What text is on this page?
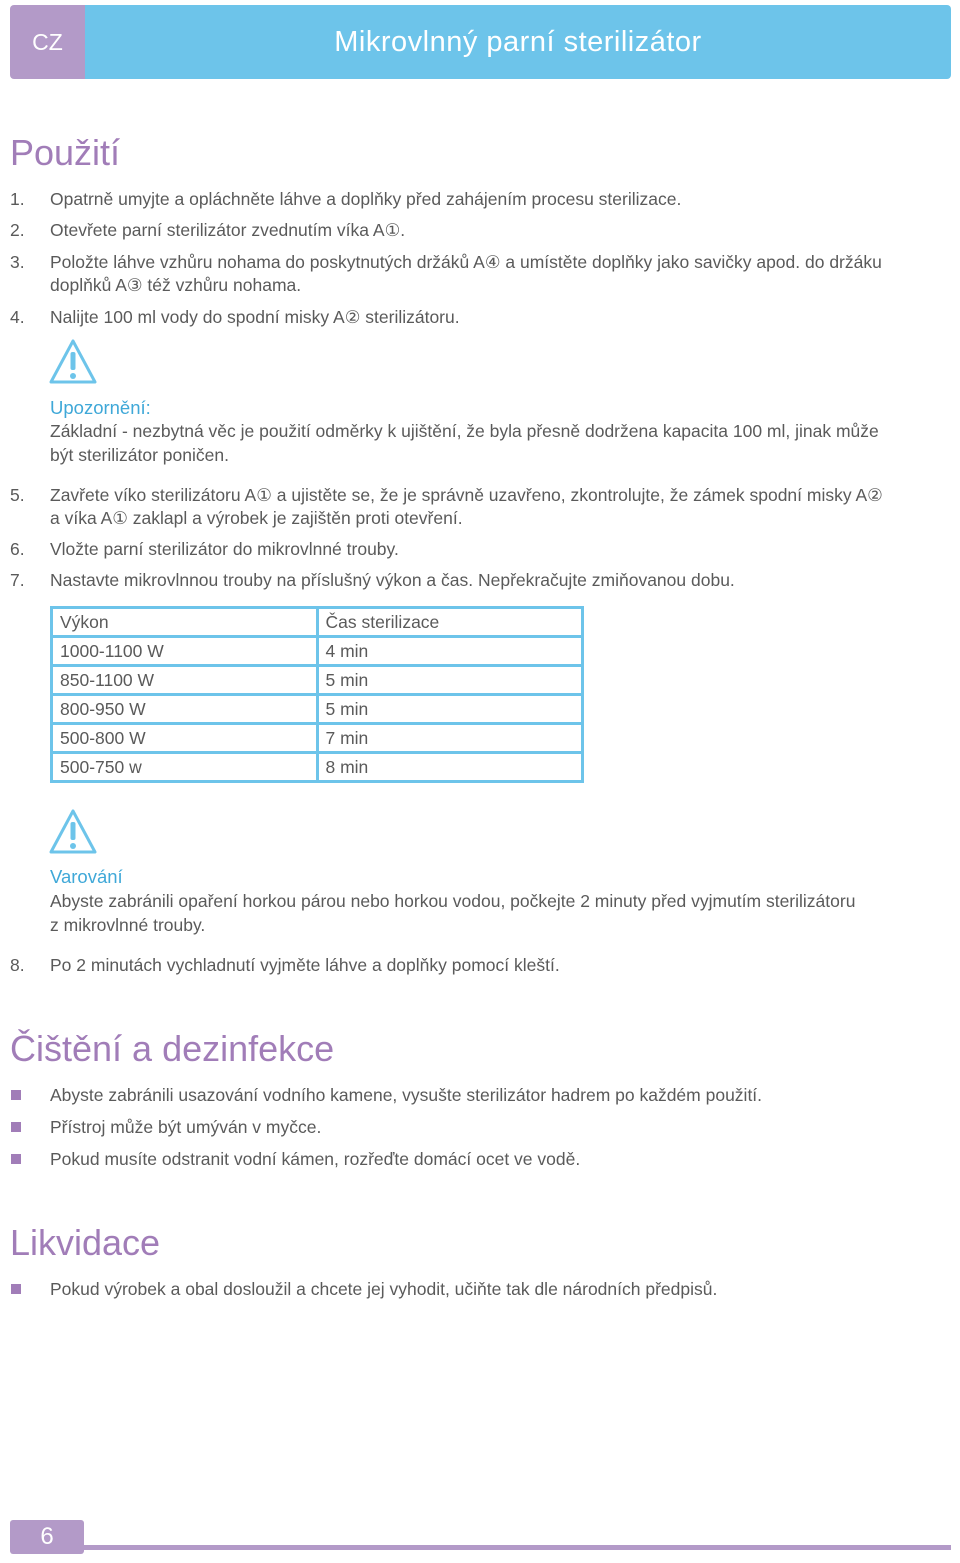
CZ	Mikrovlnný parní sterilizátor
Použití
1. Opatrně umyjte a opláchněte láhve a doplňky před zahájením procesu sterilizace.
2. Otevřete parní sterilizátor zvednutím víka A①.
3. Položte láhve vzhůru nohama do poskytnutých držáků A④ a umístěte doplňky jako savičky apod. do držáku
doplňků A③ též vzhůru nohama.
4. Nalijte 100 ml vody do spodní misky A② sterilizátoru.
Upozornění:
Základní - nezbytná věc je použití odměrky k ujištění, že byla přesně dodržena kapacita 100 ml, jinak může
být sterilizátor poničen.
5. Zavřete víko sterilizátoru A① a ujistěte se, že je správně uzavřeno, zkontrolujte, že zámek spodní misky A②
a víka A① zaklapl a výrobek je zajištěn proti otevření.
6. Vložte parní sterilizátor do mikrovlnné trouby.
7. Nastavte mikrovlnnou trouby na příslušný výkon a čas. Nepřekračujte zmiňovanou dobu.
Výkon	Čas sterilizace
1000-1100 W	4 min
850-1100 W	5 min
800-950 W	5 min
500-800 W	7 min
500-750 w	8 min
Varování
Abyste zabránili opaření horkou párou nebo horkou vodou, počkejte 2 minuty před vyjmutím sterilizátoru
z mikrovlnné trouby.
8. Po 2 minutách vychladnutí vyjměte láhve a doplňky pomocí kleští.
Čištění a dezinfekce
Abyste zabránili usazování vodního kamene, vysušte sterilizátor hadrem po každém použití.
Přístroj může být umýván v myčce.
Pokud musíte odstranit vodní kámen, rozřeďte domácí ocet ve vodě.
Likvidace
Pokud výrobek a obal dosloužil a chcete jej vyhodit, učiňte tak dle národních předpisů.
6
